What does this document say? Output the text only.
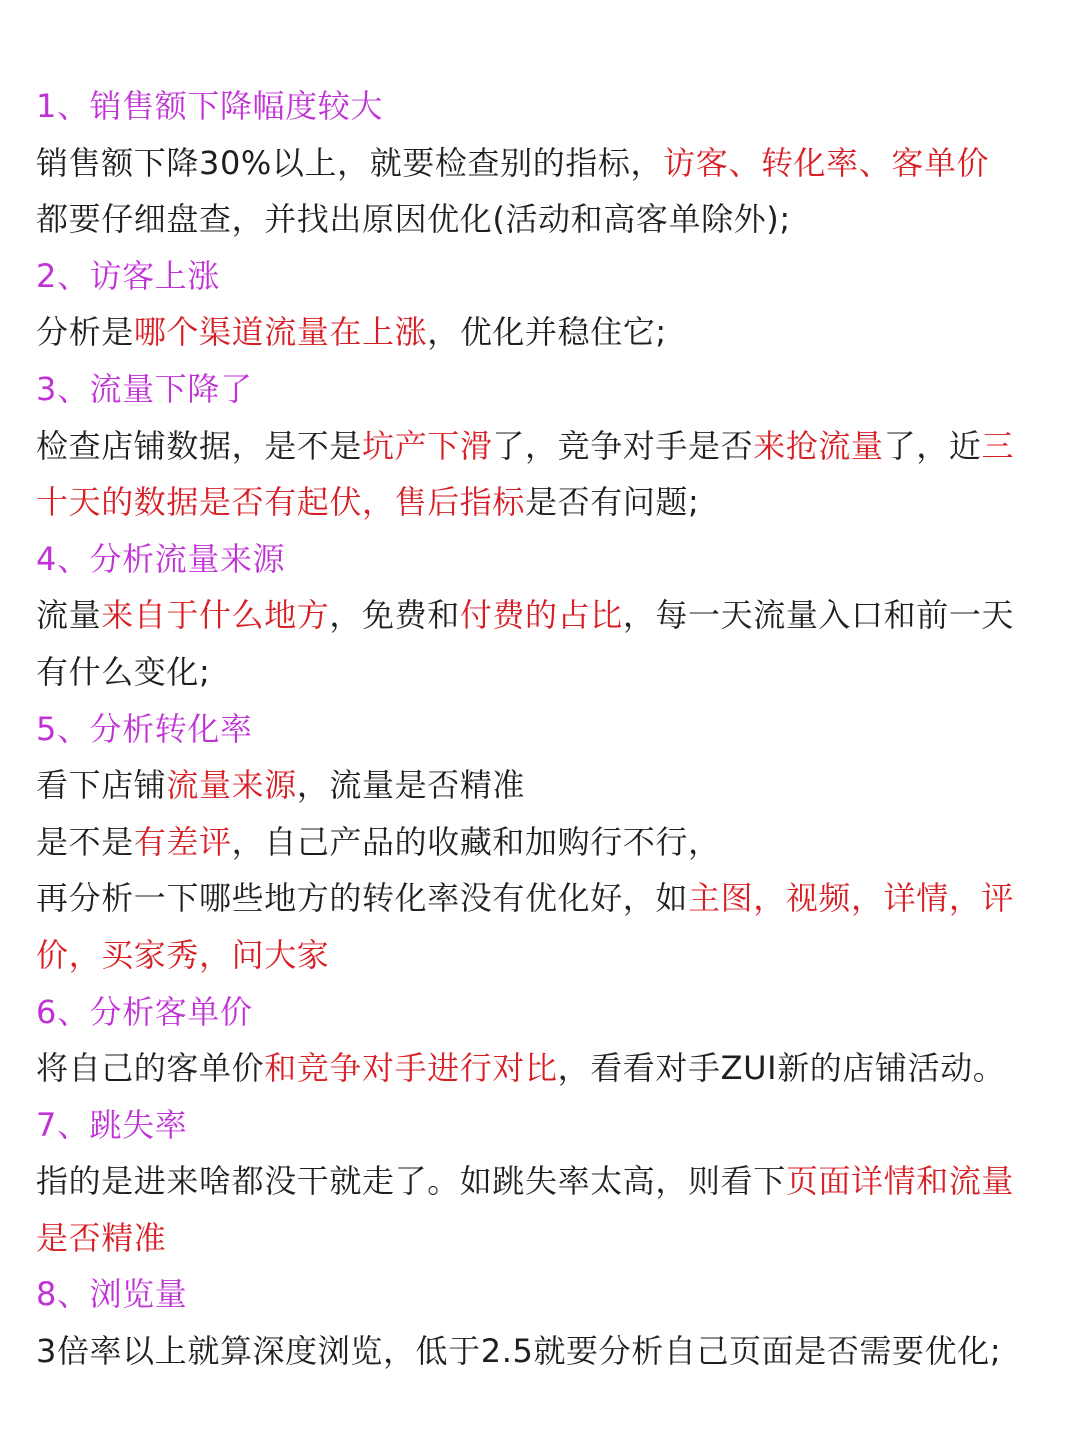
1、销售额下降幅度较大

销售额下降30%以上，就要检查别的指标，访客、转化率、客单价

都要仔细盘查，并找出原因优化(活动和高客单除外);

2、访客上涨

分析是哪个渠道流量在上涨，优化并稳住它;

3、流量下降了

检查店铺数据，是不是坑产下滑了，竞争对手是否来抢流量了，近三

十天的数据是否有起伏，售后指标是否有问题;

4、分析流量来源

流量来自于什么地方，免费和付费的占比，每一天流量入口和前一天

有什么变化;

5、分析转化率

看下店铺流量来源，流量是否精准

是不是有差评，自己产品的收藏和加购行不行，

再分析一下哪些地方的转化率没有优化好，如主图，视频，详情，评

价，买家秀，问大家

6、分析客单价

将自己的客单价和竞争对手进行对比，看看对手ZUI新的店铺活动。

7、跳失率

指的是进来啥都没干就走了。如跳失率太高，则看下页面详情和流量

是否精准

8、浏览量

3倍率以上就算深度浏览，低于2.5就要分析自己页面是否需要优化;
